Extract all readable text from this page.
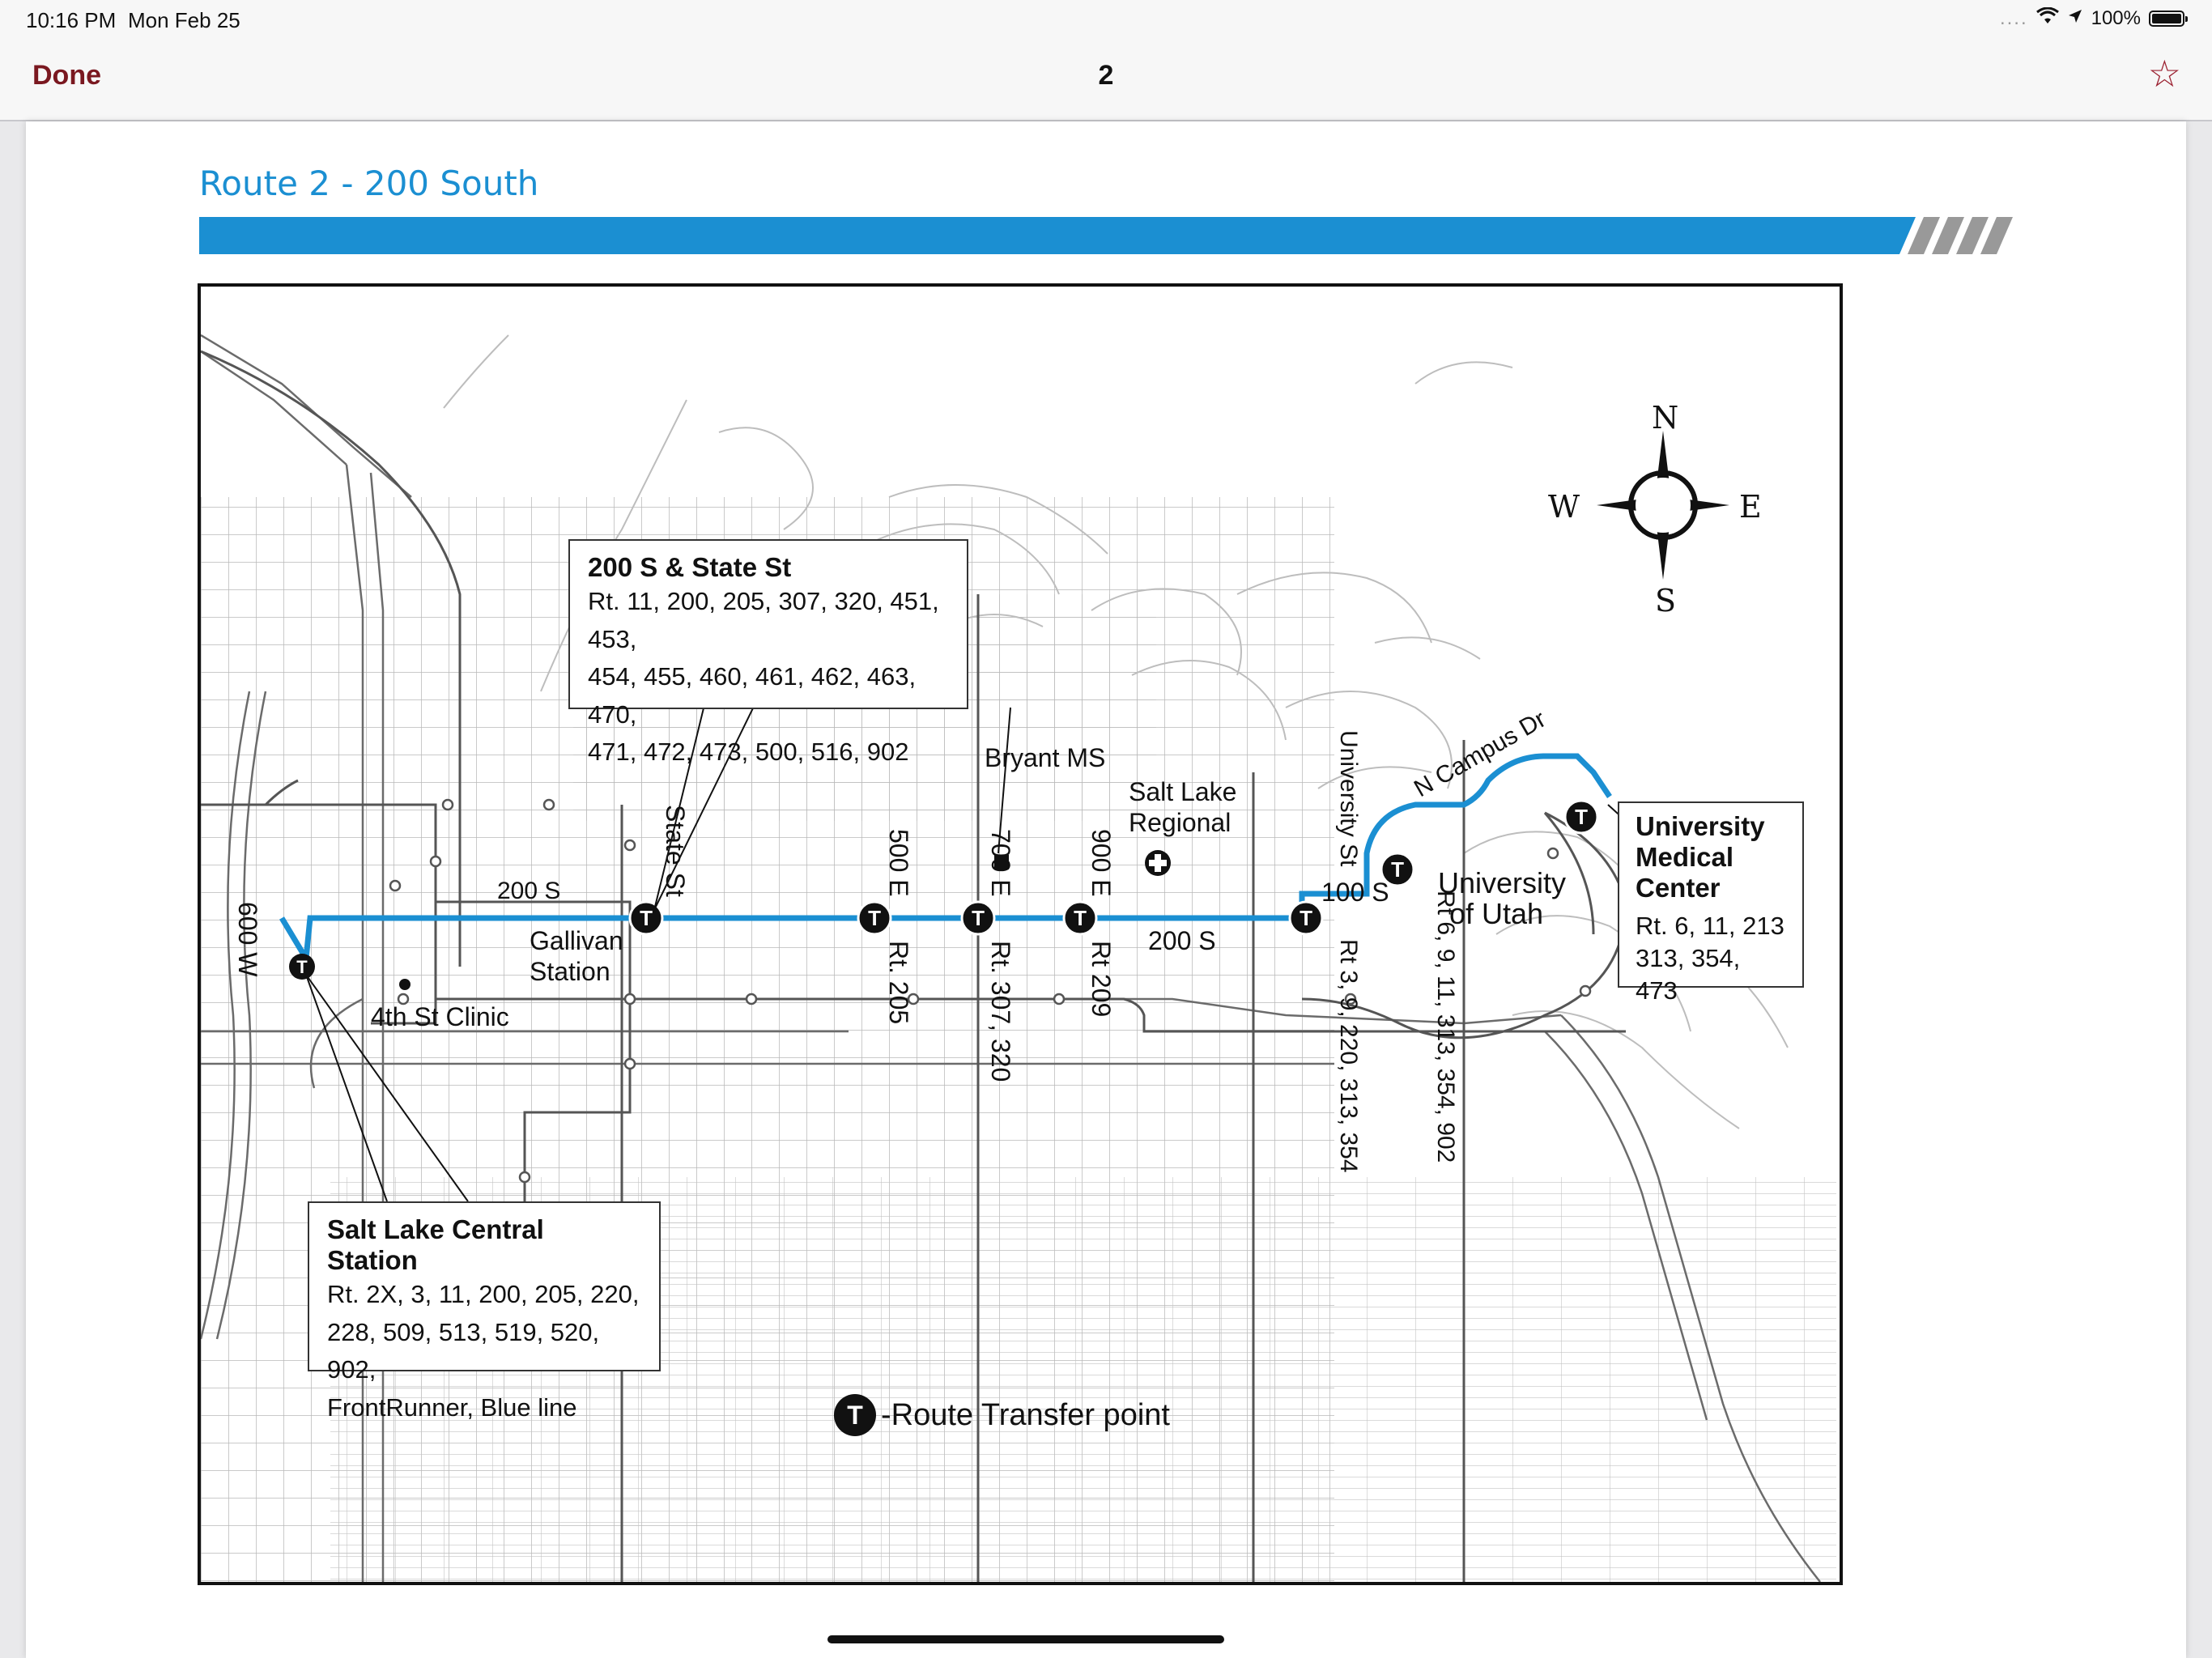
10:16 PM Mon Feb 25	....	100%
Done	2	☆
Route 2 - 200 South
T
T	T	T	T	T
T
T
N
S
E
W
200 S & State St
Rt. 11, 200, 205, 307, 320, 451, 453,
454, 455, 460, 461, 462, 463, 470,
471, 472, 473, 500, 516, 902
Salt Lake Central Station
Rt. 2X, 3, 11, 200, 205, 220,
228, 509, 513, 519, 520, 902,
FrontRunner, Blue line
University
Medical
Center
Rt. 6, 11, 213
313, 354, 473
600 W
200 S
Gallivan
Station
4th St Clinic
State St	500 E
Rt. 205
700 E
Rt. 307, 320
900 E
Rt 209
Bryant MS
Salt Lake
Regional
200 S
University St
Rt 3, 9, 220, 313, 354
100 S Rt 6, 9, 11, 313, 354, 902
University
of Utah
N Campus Dr
T -Route Transfer point
